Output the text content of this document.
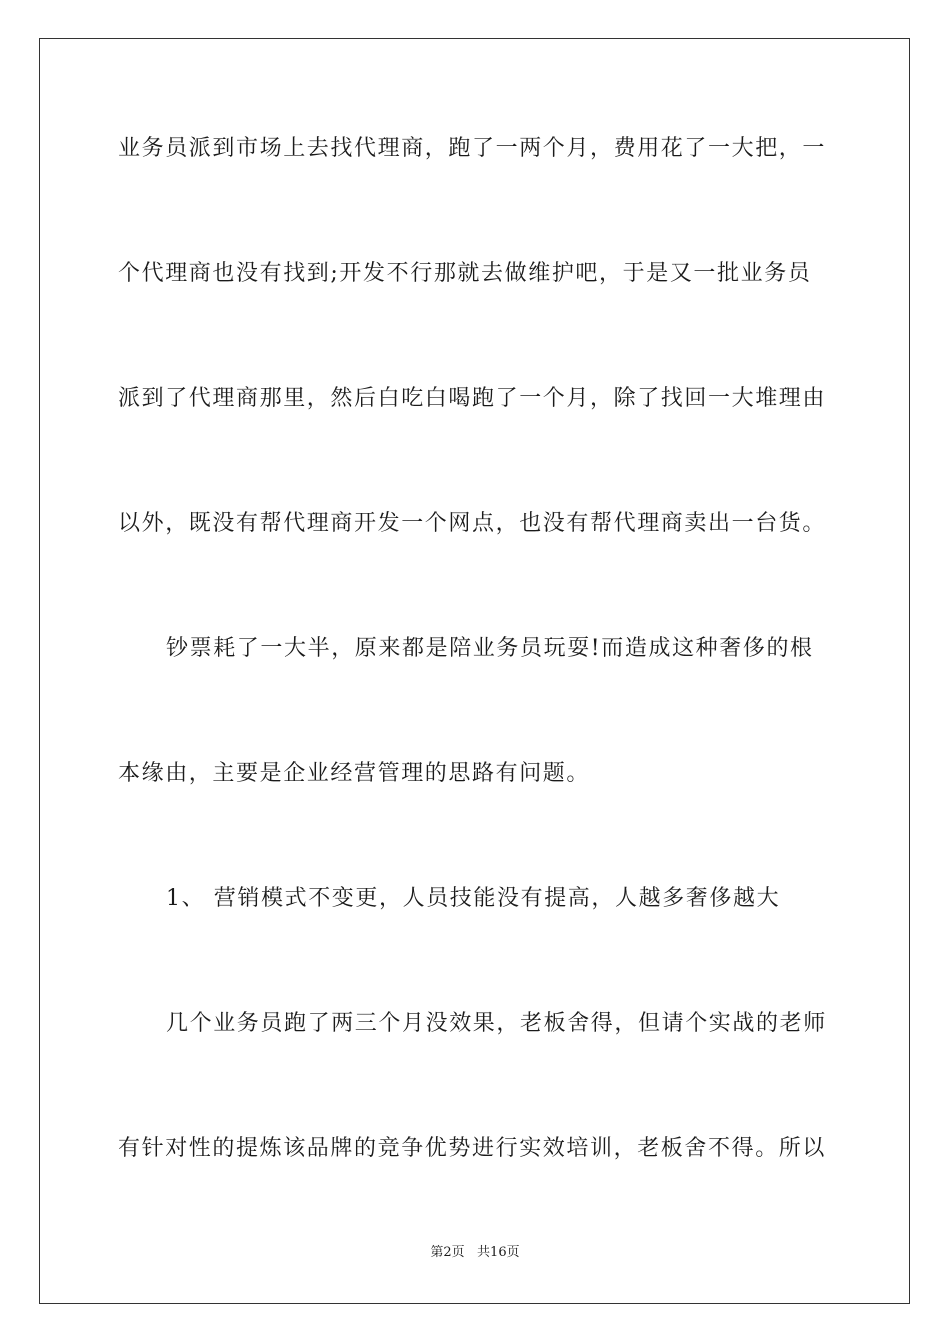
业务员派到市场上去找代理商，跑了一两个月，费用花了一大把，一
个代理商也没有找到;开发不行那就去做维护吧，于是又一批业务员
派到了代理商那里，然后白吃白喝跑了一个月，除了找回一大堆理由
以外，既没有帮代理商开发一个网点，也没有帮代理商卖出一台货。
钞票耗了一大半，原来都是陪业务员玩耍!而造成这种奢侈的根
本缘由，主要是企业经营管理的思路有问题。
1、 营销模式不变更，人员技能没有提高，人越多奢侈越大
几个业务员跑了两三个月没效果，老板舍得，但请个实战的老师
有针对性的提炼该品牌的竞争优势进行实效培训，老板舍不得。所以
第2页   共16页
